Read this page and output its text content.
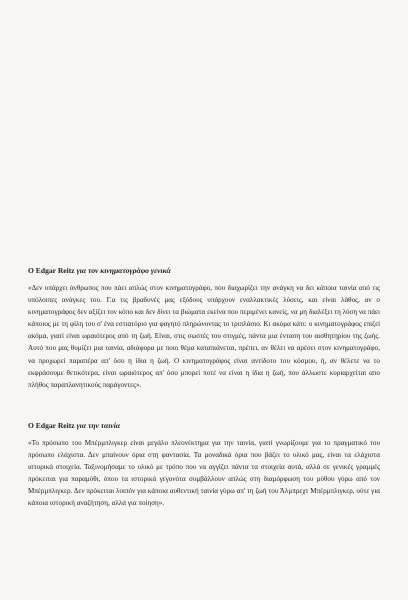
O Edgar Reitz για τον κινηματογράφο γενικά

«Δεν υπάρχει άνθρωπος που πάει απλώς στον κινηματογράφο, που διαχωρίζει την ανάγκη να δει κάποια ταινία από τις υπόλοιπες ανάγκες του. Γ.α τις βραδυνές μας εξόδους υπάρχουν εναλλακτικές λύσεις, και είναι λάθος, αν ο κινηματογράφος δεν αξίζει τον κόπο και δεν δίνει τα βιώματα εκείνα που περιμένει κανείς, να μη διαλέξει τη λύση να πάει κάποιος με τη φίλη του σ' ένα εστιατόριο για φαγητό πληρώνοντας το τριπλάσιο. Κι ακόμα κάτι: ο κινηματογράφος επιζεί ακόμα, γιατί είναι ωραιότερος από τη ζωή. Είναι, στις σωστές του στιγμές, πάντα μια ένταση του αισθητηρίου της ζωής. Αυτό που μας θυμίζει μια ταινία, αδιάφορα με ποιο θέμα καταπιάνεται, πρέπει, αν θέλει να αρέσει στον κινηματογράφο, να προχωρεί παραπέρα απ' όσο η ίδια η ζωή. Ο κινηματογράφος είναι αντίδοτο του κόσμου, ή, αν θέλετε να το εκφράσουμε θετικότερα, είναι ωραιότερος απ' όσο μπορεί ποτέ να είναι η ίδια η ζωή, που άλλωστε κυριαρχείται απο πλήθος παραπλανητικούς παράγοντες».

O Edgar Reitz για την ταινία

«Το πρόσωπο του Μπέρμπλιγκερ είναι μεγάλο πλεονέκτημα για την ταινία, γιατί γνωρίζουμε για το πραγματικό του πρόσωπο ελάχιστα. Δεν μπαίνουν όρια στη φαντασία. Τα μοναδικά όρια που βάζει το υλικό μας, είναι τα ελάχιστα ιστορικά στοιχεία. Ταξινομήσαμε το υλικό με τρόπο που να αγγίζει πάντα τα στοιχεία αυτά, αλλά σε γενικές γραμμές πρόκειται για παραμύθι, όπου τα ιστορικά γεγονότα συμβάλλουν απλώς στη διαμόρφωση του μύθου γύρω από τον Μπέρμπλιγκερ. Δεν πρόκειται λοιπόν για κάποια αυθεντική ταινία γύρω απ' τη ζωή του Άλμπρεχτ Μπέρμπλιγκερ, ούτε για κάποια ιστορική αναζήτηση, αλλά για ποίηση».
